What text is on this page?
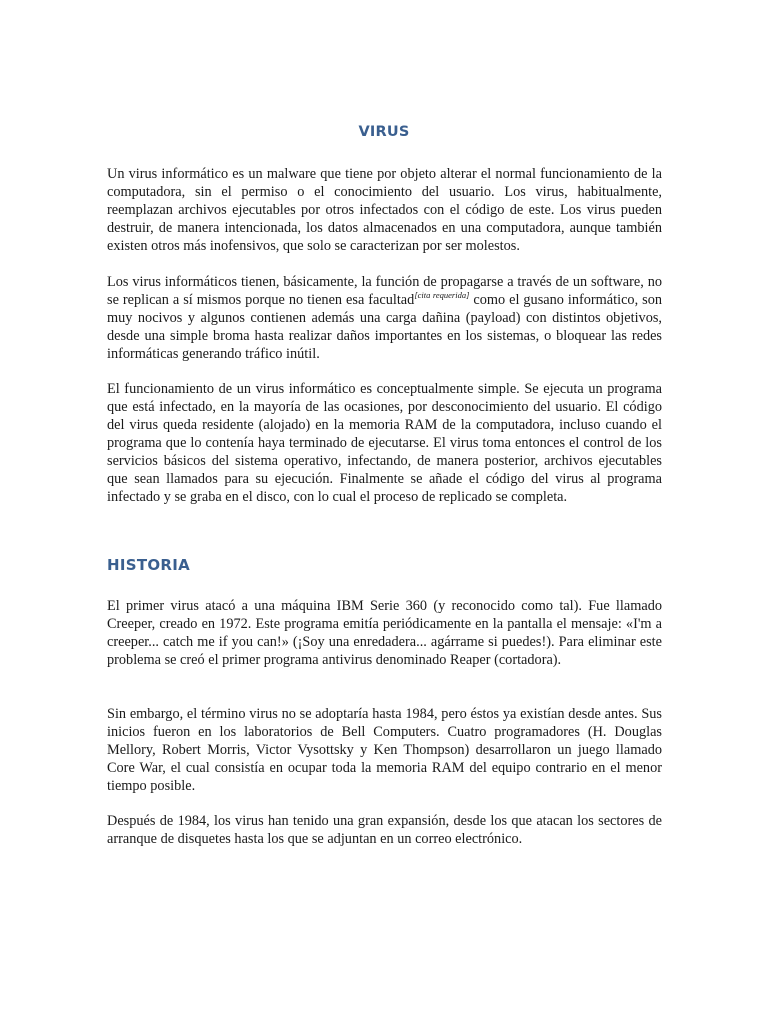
VIRUS

Un virus informático es un malware que tiene por objeto alterar el normal funcionamiento de la computadora, sin el permiso o el conocimiento del usuario. Los virus, habitualmente, reemplazan archivos ejecutables por otros infectados con el código de este. Los virus pueden destruir, de manera intencionada, los datos almacenados en una computadora, aunque también existen otros más inofensivos, que solo se caracterizan por ser molestos.

Los virus informáticos tienen, básicamente, la función de propagarse a través de un software, no se replican a sí mismos porque no tienen esa facultad[cita requerida] como el gusano informático, son muy nocivos y algunos contienen además una carga dañina (payload) con distintos objetivos, desde una simple broma hasta realizar daños importantes en los sistemas, o bloquear las redes informáticas generando tráfico inútil.

El funcionamiento de un virus informático es conceptualmente simple. Se ejecuta un programa que está infectado, en la mayoría de las ocasiones, por desconocimiento del usuario. El código del virus queda residente (alojado) en la memoria RAM de la computadora, incluso cuando el programa que lo contenía haya terminado de ejecutarse. El virus toma entonces el control de los servicios básicos del sistema operativo, infectando, de manera posterior, archivos ejecutables que sean llamados para su ejecución. Finalmente se añade el código del virus al programa infectado y se graba en el disco, con lo cual el proceso de replicado se completa.

HISTORIA

El primer virus atacó a una máquina IBM Serie 360 (y reconocido como tal). Fue llamado Creeper, creado en 1972. Este programa emitía periódicamente en la pantalla el mensaje: «I'm a creeper... catch me if you can!» (¡Soy una enredadera... agárrame si puedes!). Para eliminar este problema se creó el primer programa antivirus denominado Reaper (cortadora).

Sin embargo, el término virus no se adoptaría hasta 1984, pero éstos ya existían desde antes. Sus inicios fueron en los laboratorios de Bell Computers. Cuatro programadores (H. Douglas Mellory, Robert Morris, Victor Vysottsky y Ken Thompson) desarrollaron un juego llamado Core War, el cual consistía en ocupar toda la memoria RAM del equipo contrario en el menor tiempo posible.

Después de 1984, los virus han tenido una gran expansión, desde los que atacan los sectores de arranque de disquetes hasta los que se adjuntan en un correo electrónico.
